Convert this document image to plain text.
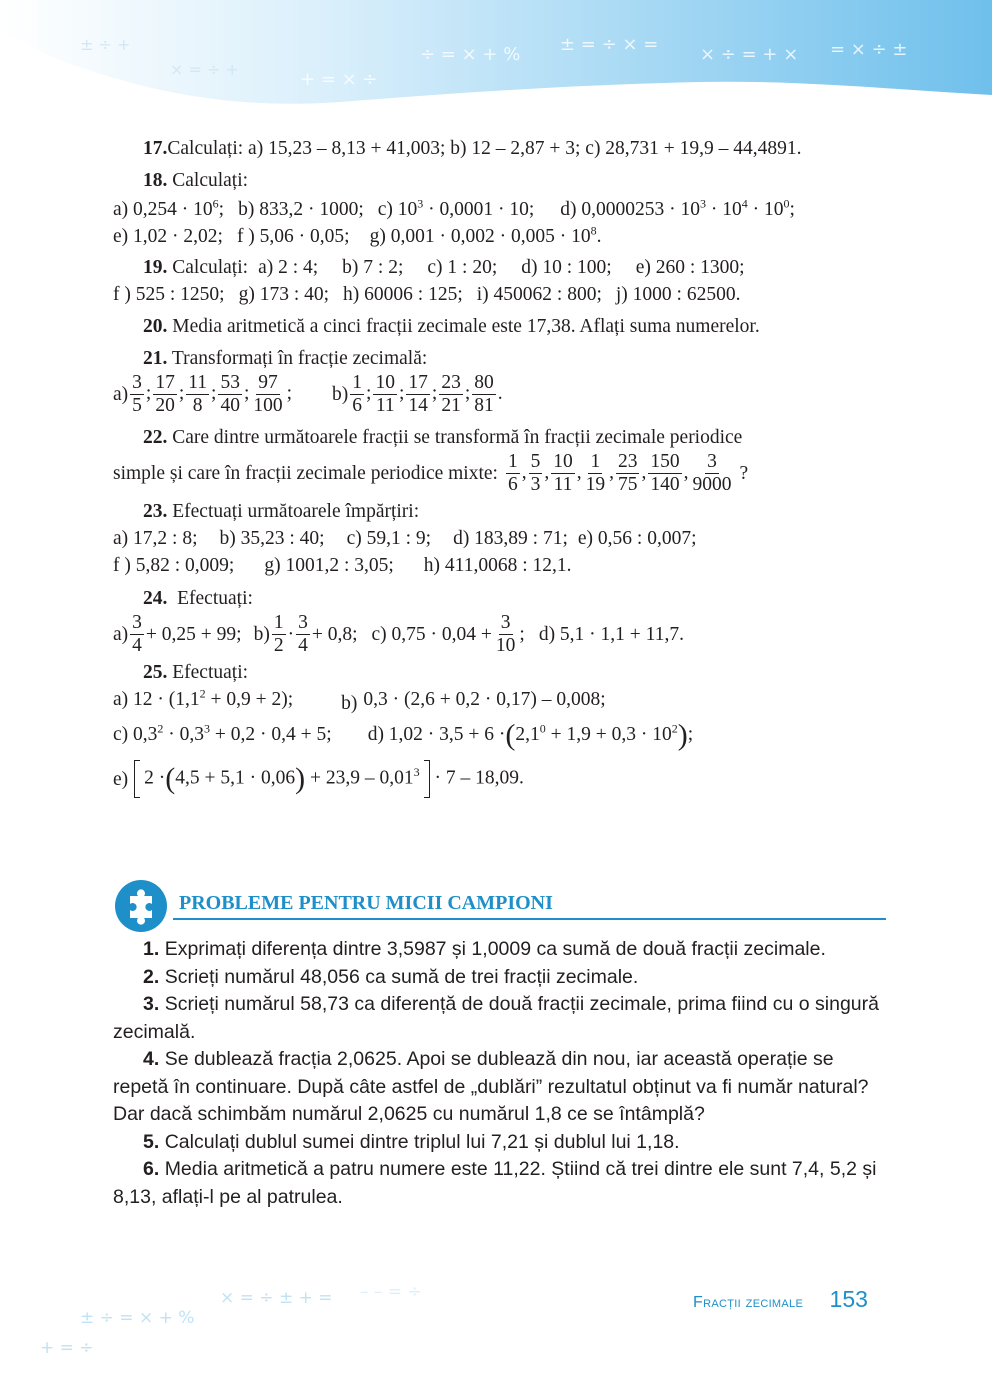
÷ = × + % ± = ÷ × = × ÷ = + × = × ÷ ±
+ = × ÷
± ÷ +
× = ÷ +
± ÷ = × + %
× = ÷ ± + =
+ = ÷
– – = ÷

17.Calculați: a) 15,23 – 8,13 + 41,003; b) 12 – 2,87 + 3; c) 28,731 + 19,9 – 44,4891.

18. Calculați:

a) $0,254 \cdot 10^6$; b) 833,2 · 1000; c) $10^3 \cdot 0,0001 \cdot 10$; d) $0,0000253 \cdot 10^3 \cdot 10^4 \cdot 10^0$;
e) 1,02 · 2,02; f ) 5,06 · 0,05; g) $0,001 \cdot 0,002 \cdot 0,005 \cdot 10^8$.
19.
Calculați: a) 2 : 4; b) 7 : 2; c) 1 : 20; d) 10 : 100; e) 260 : 1300;
f ) 525 : 1250; g) 173 : 40; h) 60006 : 125; i) 450062 : 800; j) 1000 : 62500.

20. Media aritmetică a cinci fracții zecimale este 17,38. Aflați suma numerelor.

21. Transformați în fracție zecimală:

$a) \frac{3}{5}$ ; $\frac{17}{20}$ ; $\frac{11}{8}$ ; $\frac{53}{40}$ ; $\frac{97}{100}$ ; $b) \frac{1}{6}$ ; $\frac{10}{11}$ ; $\frac{17}{14}$ ; $\frac{23}{21}$ ; $\frac{80}{81}$ .

22. Care dintre următoarele fracții se transformă în fracții zecimale periodice

simple și care în fracții zecimale periodice mixte: $\frac{1}{6}$ , $\frac{5}{3}$ , $\frac{10}{11}$ , $\frac{1}{19}$ , $\frac{23}{75}$ , $\frac{150}{140}$ , $\frac{3}{9000}$ ?

23. Efectuați următoarele împărțiri:

a) 17,2 : 8; b) 35,23 : 40; c) 59,1 : 9; d) 183,89 : 71; e) 0,56 : 0,007;
f ) 5,82 : 0,009; g) 1001,2 : 3,05; h) 411,0068 : 12,1.

24. Efectuați:

$a) \frac{3}{4} + 0,25 + 99$; $b) \frac{1}{2} \cdot \frac{3}{4} + 0,8$; c) $0,75 \cdot 0,04 + \frac{3}{10}$ ; d) 5,1 · 1,1 + 11,7.

25. Efectuați:

a) $12 \cdot (1,1^2 + 0,9 + 2)$; b) 0,3 · (2,6 + 0,2 · 0,17) – 0,008;
c) $0,3^2 \cdot 0,3^3 + 0,2 \cdot 0,4 + 5$; d) $1,02 \cdot 3,5 + 6 \cdot(2,1^0 + 1,9 + 0,3 \cdot 10^2)$;
e) $2 \cdot(4,5 + 5,1 \cdot 0,06) + 23,9 - 0,01^3 \cdot 7 - 18,09$.
PROBLEME PENTRU MICII CAMPIONI

1. Exprimați diferența dintre 3,5987 și 1,0009 ca sumă de două fracții zecimale.

2. Scrieți numărul 48,056 ca sumă de trei fracții zecimale.

3. Scrieți numărul 58,73 ca diferență de două fracții zecimale, prima fiind cu o singură zecimală.

4. Se dublează fracția 2,0625. Apoi se dublează din nou, iar această operație se repetă în continuare. După câte astfel de „dublări” rezultatul obținut va fi număr natural? Dar dacă schimbăm numărul 2,0625 cu numărul 1,8 ce se întâmplă?

5. Calculați dublul sumei dintre triplul lui 7,21 și dublul lui 1,18.

6. Media aritmetică a patru numere este 11,22. Știind că trei dintre ele sunt 7,4, 5,2 și 8,13, aflați-l pe al patrulea.

Fracții zecimale 153
